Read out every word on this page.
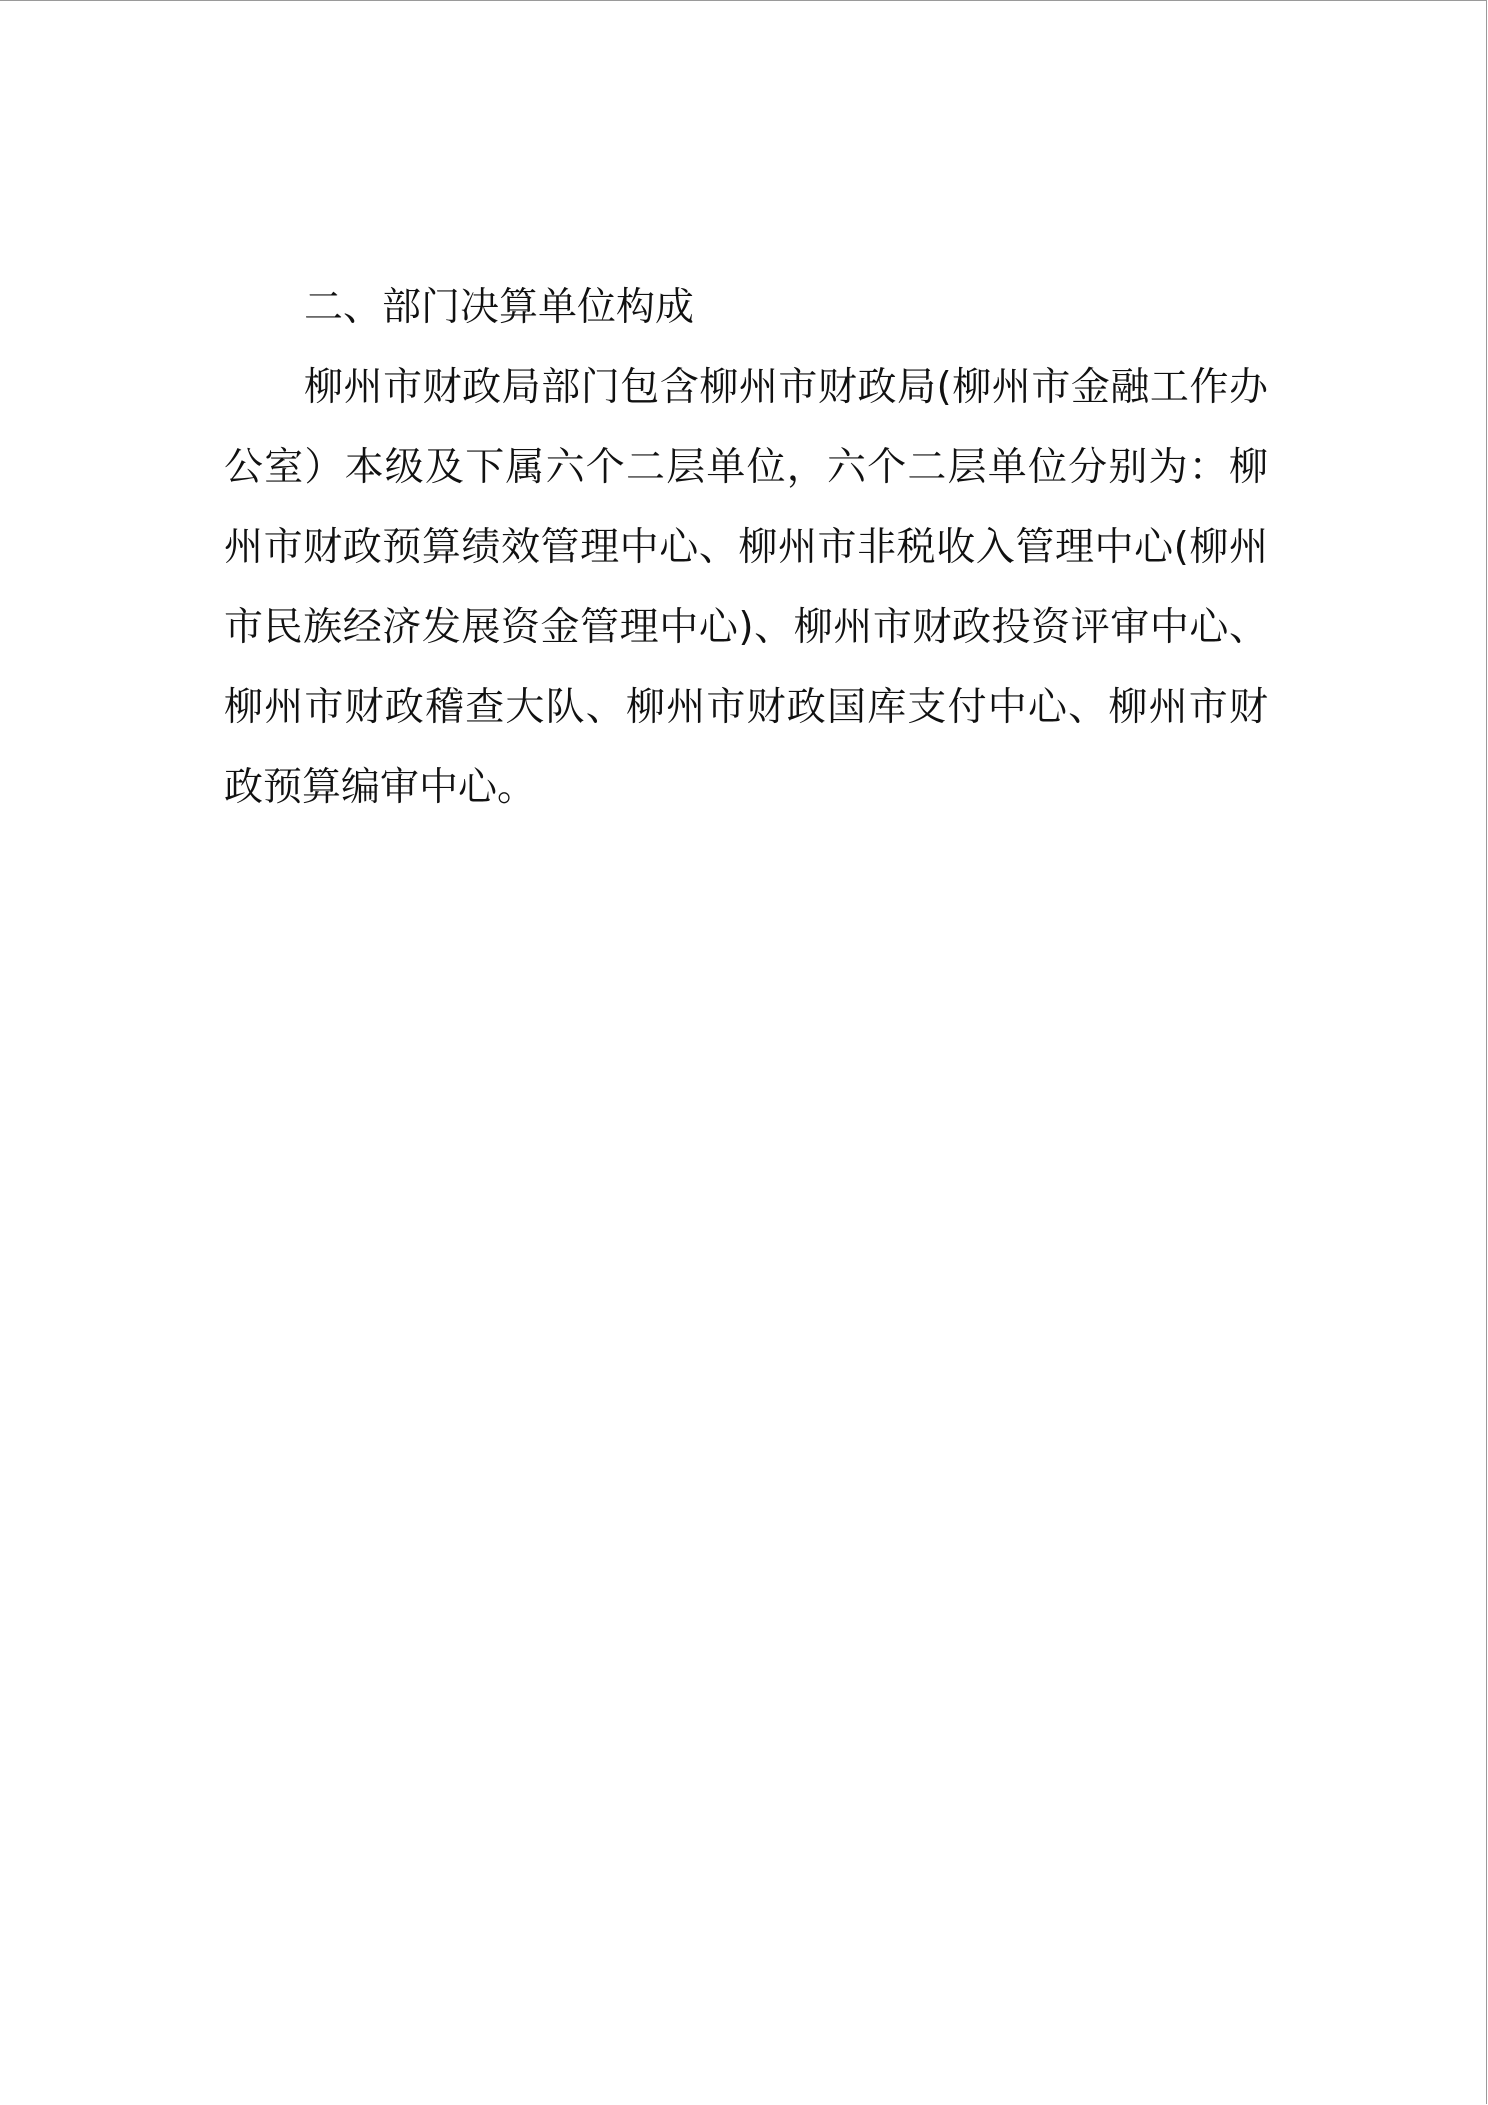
二、部门决算单位构成

柳州市财政局部门包含柳州市财政局(柳州市金融工作办公室）本级及下属六个二层单位，六个二层单位分别为：柳州市财政预算绩效管理中心、柳州市非税收入管理中心(柳州市民族经济发展资金管理中心)、柳州市财政投资评审中心、柳州市财政稽查大队、柳州市财政国库支付中心、柳州市财政预算编审中心。
